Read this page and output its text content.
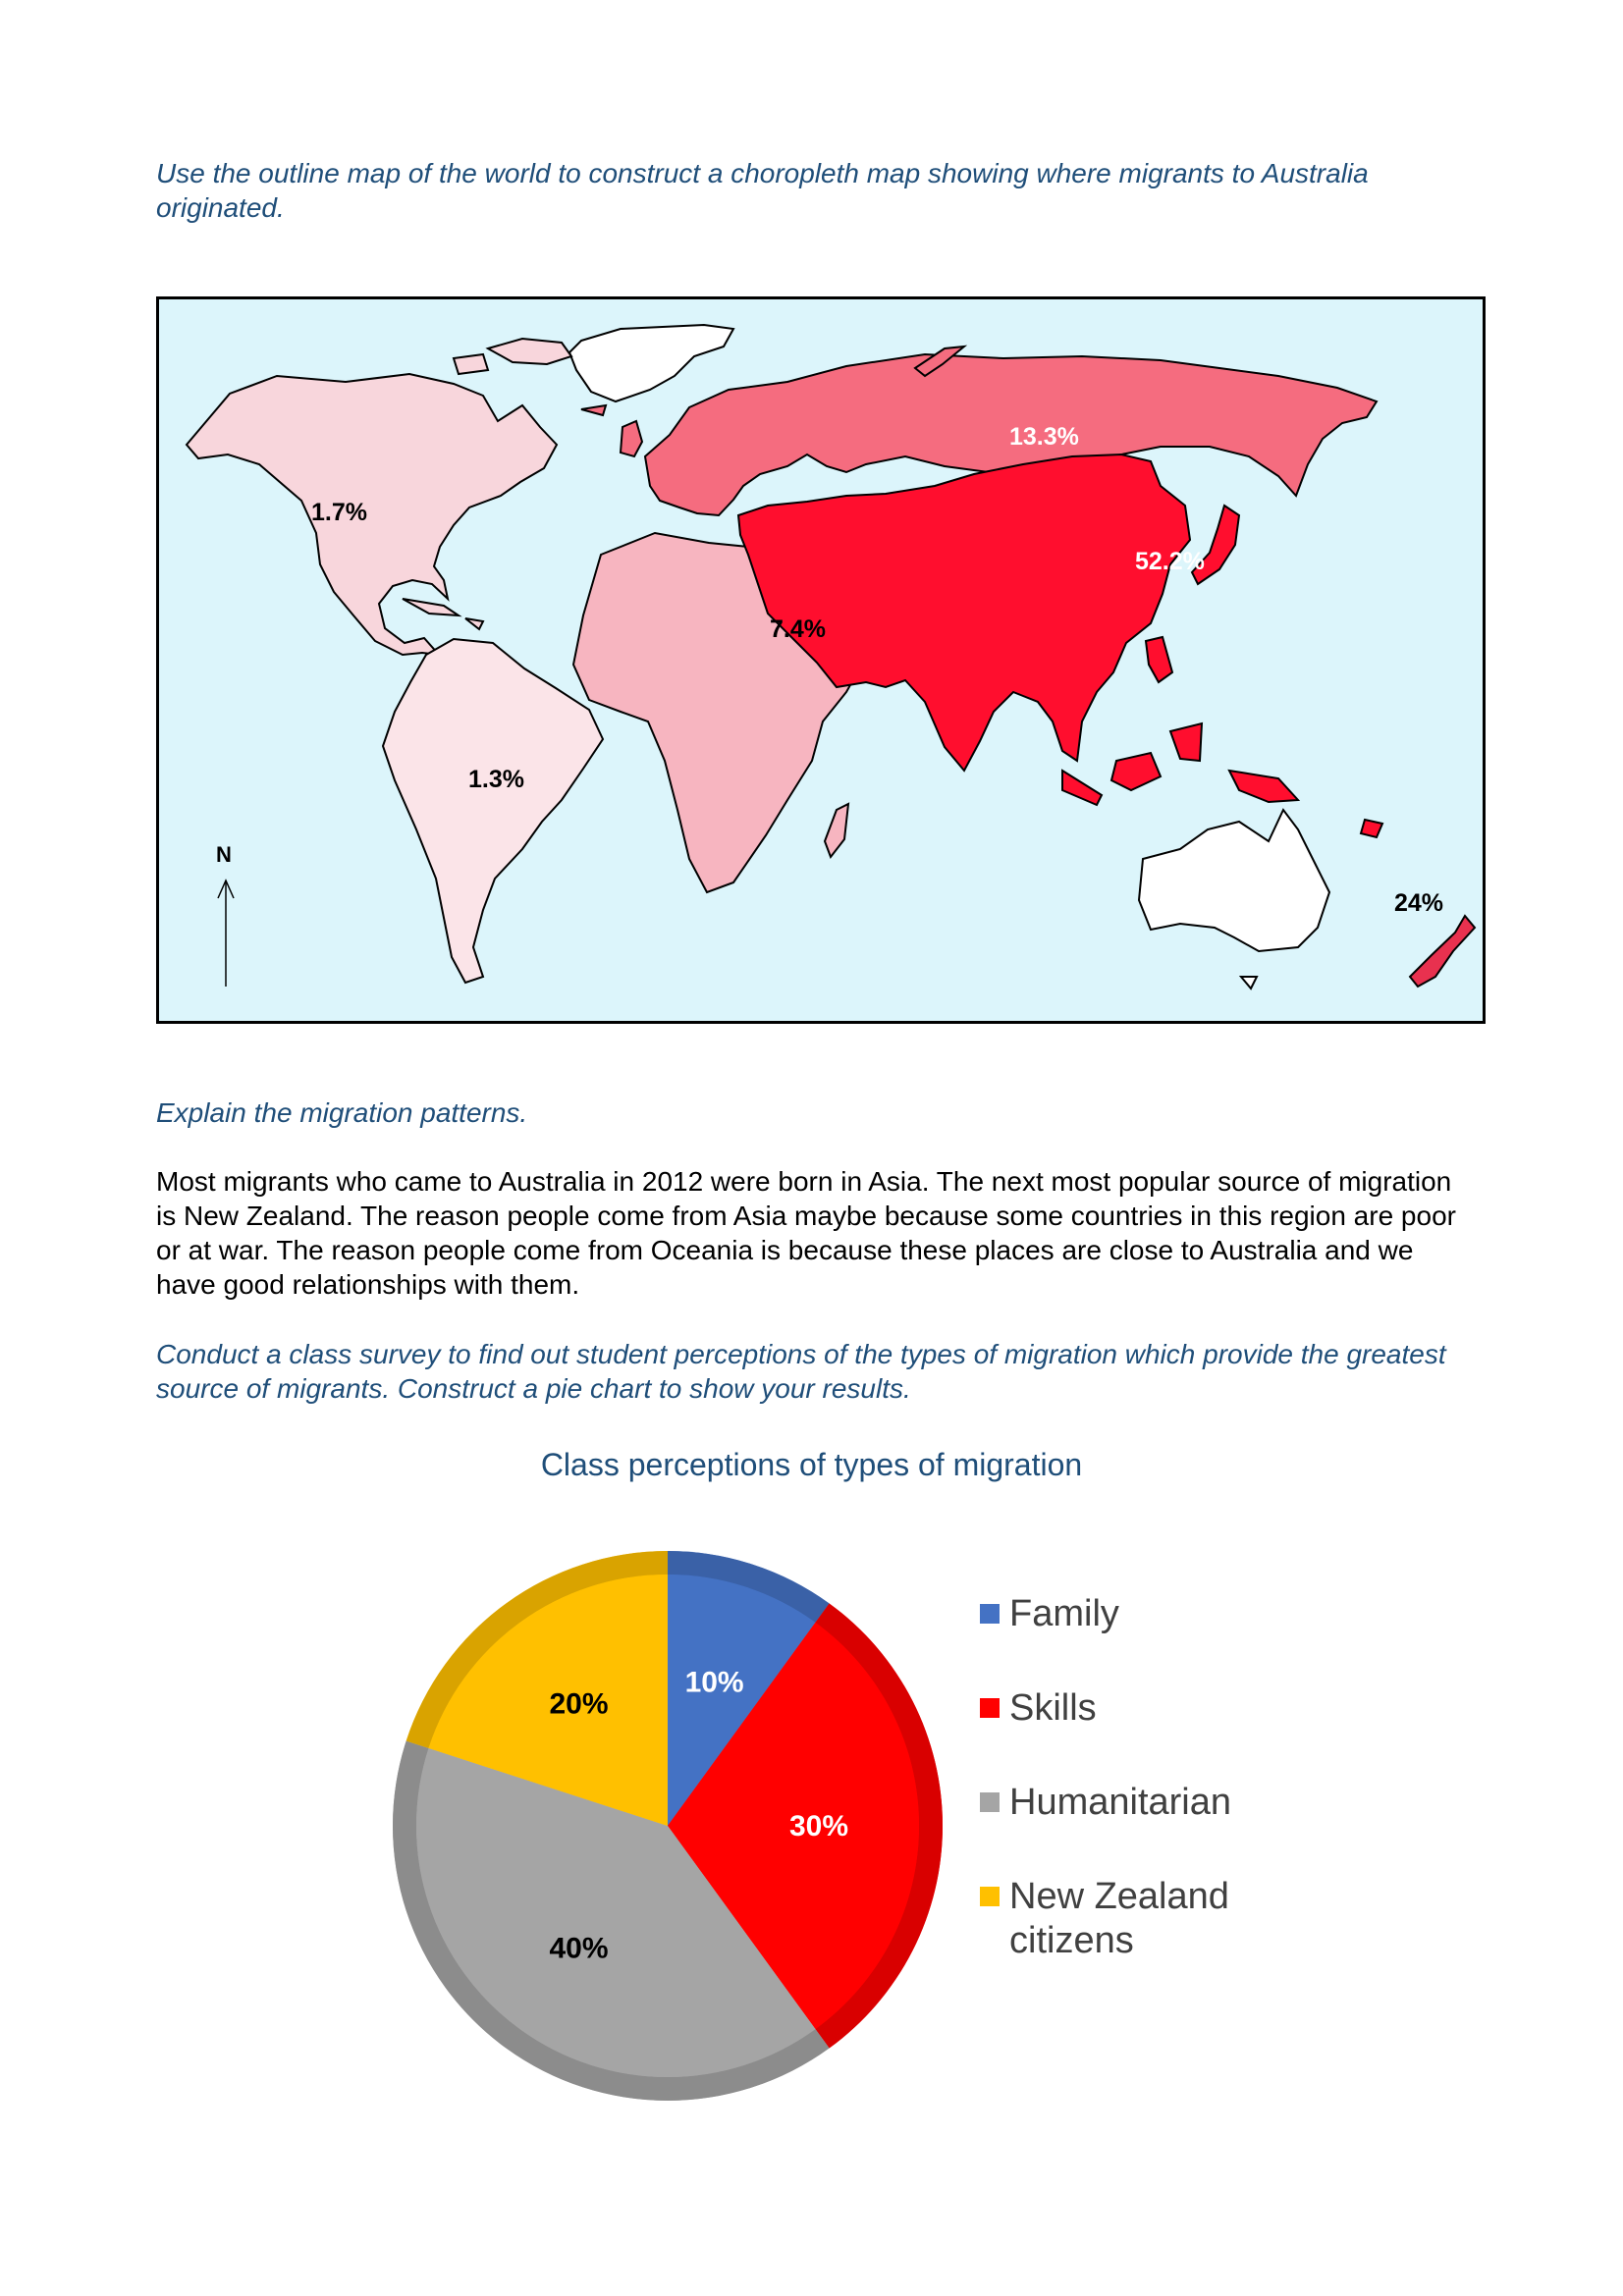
Use the outline map of the world to construct a choropleth map showing where migrants to Australia originated.
1.7%
1.3%
7.4%
13.3%
52.2%
24%
N
Explain the migration patterns.
Most migrants who came to Australia in 2012 were born in Asia. The next most popular source of migration is New Zealand. The reason people come from Asia maybe because some countries in this region are poor or at war. The reason people come from Oceania is because these places are close to Australia and we have good relationships with them.
Conduct a class survey to find out student perceptions of the types of migration which provide the greatest source of migrants. Construct a pie chart to show your results.
Class perceptions of types of migration
10%
30%
40%
20%
Family
Skills
Humanitarian
New Zealand citizens
